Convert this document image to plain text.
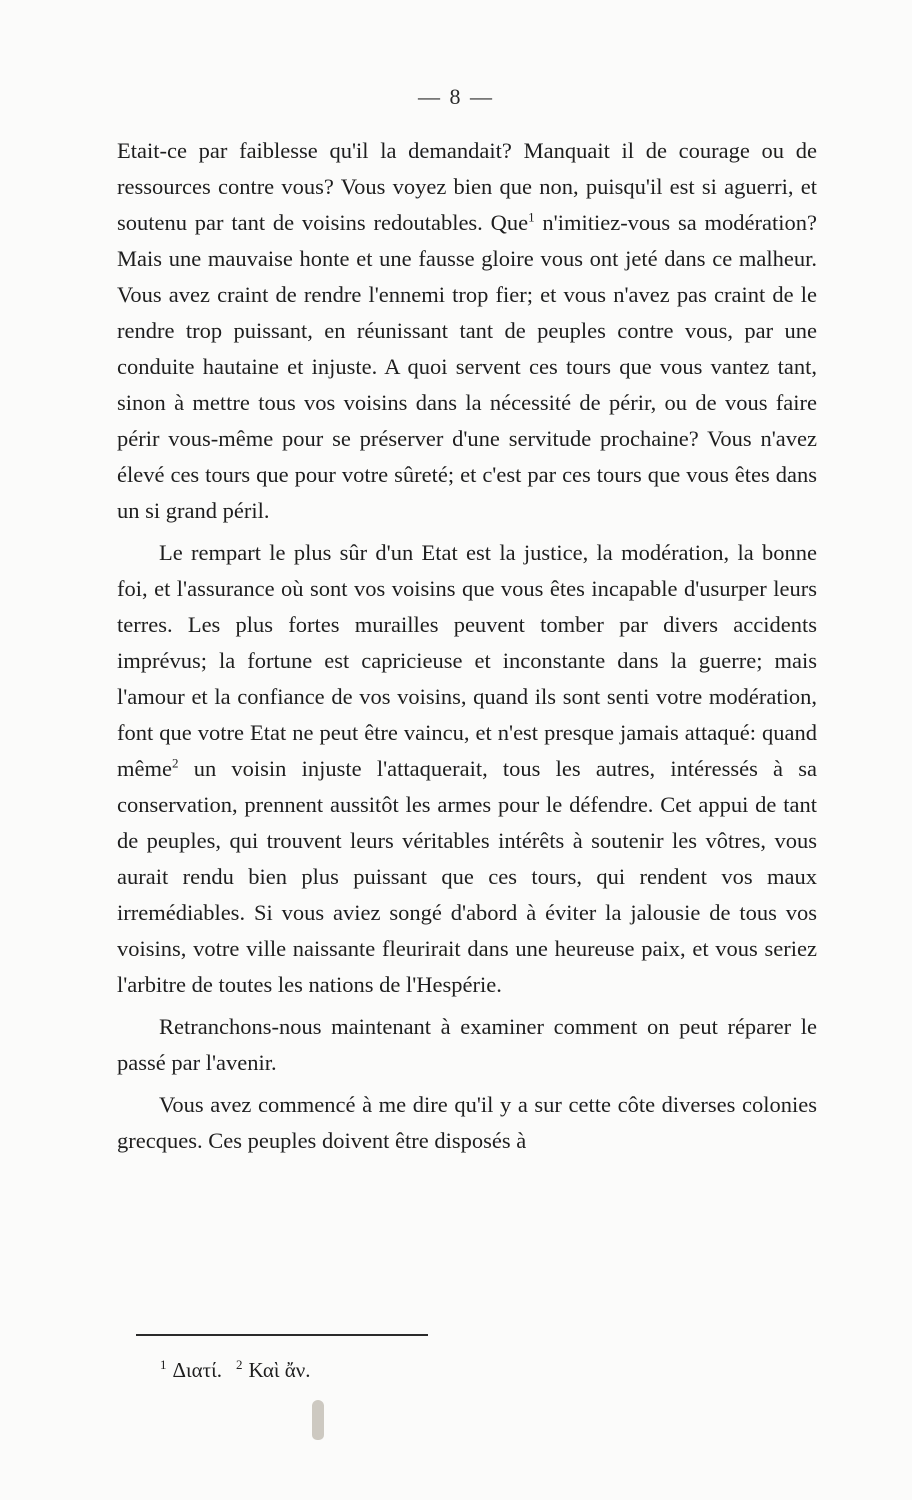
— 8 —

Etait-ce par faiblesse qu'il la demandait? Manquait il de courage ou de ressources contre vous? Vous voyez bien que non, puisqu'il est si aguerri, et soutenu par tant de voisins redoutables. Que$^1$ n'imitiez-vous sa modération? Mais une mauvaise honte et une fausse gloire vous ont jeté dans ce malheur. Vous avez craint de rendre l'ennemi trop fier; et vous n'avez pas craint de le rendre trop puissant, en réunissant tant de peuples contre vous, par une conduite hautaine et injuste. A quoi servent ces tours que vous vantez tant, sinon à mettre tous vos voisins dans la nécessité de périr, ou de vous faire périr vous-même pour se préserver d'une servitude prochaine? Vous n'avez élevé ces tours que pour votre sûreté; et c'est par ces tours que vous êtes dans un si grand péril.

Le rempart le plus sûr d'un Etat est la justice, la modération, la bonne foi, et l'assurance où sont vos voisins que vous êtes incapable d'usurper leurs terres. Les plus fortes murailles peuvent tomber par divers accidents imprévus; la fortune est capricieuse et inconstante dans la guerre; mais l'amour et la confiance de vos voisins, quand ils sont senti votre modération, font que votre Etat ne peut être vaincu, et n'est presque jamais attaqué: quand même$^2$ un voisin injuste l'attaquerait, tous les autres, intéressés à sa conservation, prennent aussitôt les armes pour le défendre. Cet appui de tant de peuples, qui trouvent leurs véritables intérêts à soutenir les vôtres, vous aurait rendu bien plus puissant que ces tours, qui rendent vos maux irremédiables. Si vous aviez songé d'abord à éviter la jalousie de tous vos voisins, votre ville naissante fleurirait dans une heureuse paix, et vous seriez l'arbitre de toutes les nations de l'Hespérie.

Retranchons-nous maintenant à examiner comment on peut réparer le passé par l'avenir.

Vous avez commencé à me dire qu'il y a sur cette côte diverses colonies grecques. Ces peuples doivent être disposés à

$^1$ Διατί. $^2$ Καὶ ἄν.
